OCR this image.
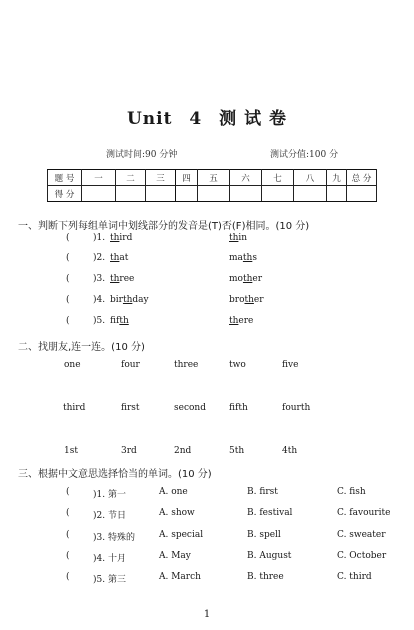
Unit 4 测 试 卷
测试时间:90 分钟	测试分值:100 分
题 号	一	二	三	四	五	六	七	八	九	总 分
得 分										
一、判断下列每组单词中划线部分的发音是(T)否(F)相同。(10 分)
(	)1. third	thin
(	)2. that	maths
(	)3. three	mother
(	)4. birthday	brother
(	)5. fifth	there
二、找朋友,连一连。(10 分)
one	four	three	two	five
third	first	second	fifth	fourth
1st	3rd	2nd	5th	4th
三、根据中文意思选择恰当的单词。(10 分)
(	)1. 第一	A. one	B. first	C. fish
(	)2. 节日	A. show	B. festival	C. favourite
(	)3. 特殊的	A. special	B. spell	C. sweater
(	)4. 十月	A. May	B. August	C. October
(	)5. 第三	A. March	B. three	C. third
1
